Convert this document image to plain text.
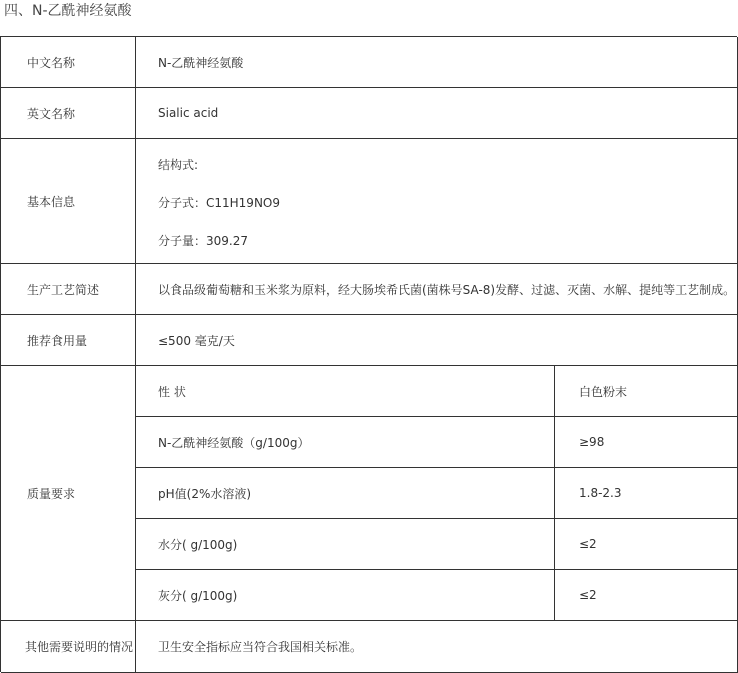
四、N-乙酰神经氨酸
中文名称	N-乙酰神经氨酸
英文名称	Sialic acid
基本信息
结构式:
分子式：C11H19NO9
分子量：309.27
生产工艺简述	以食品级葡萄糖和玉米浆为原料，经大肠埃希氏菌(菌株号SA-8)发酵、过滤、灭菌、水解、提纯等工艺制成。
推荐食用量	≤500 毫克/天
质量要求
性 状	白色粉末
N-乙酰神经氨酸（g/100g）	≥98
pH值(2%水溶液)	1.8-2.3
水分( g/100g)	≤2
灰分( g/100g)	≤2
其他需要说明的情况	卫生安全指标应当符合我国相关标准。
